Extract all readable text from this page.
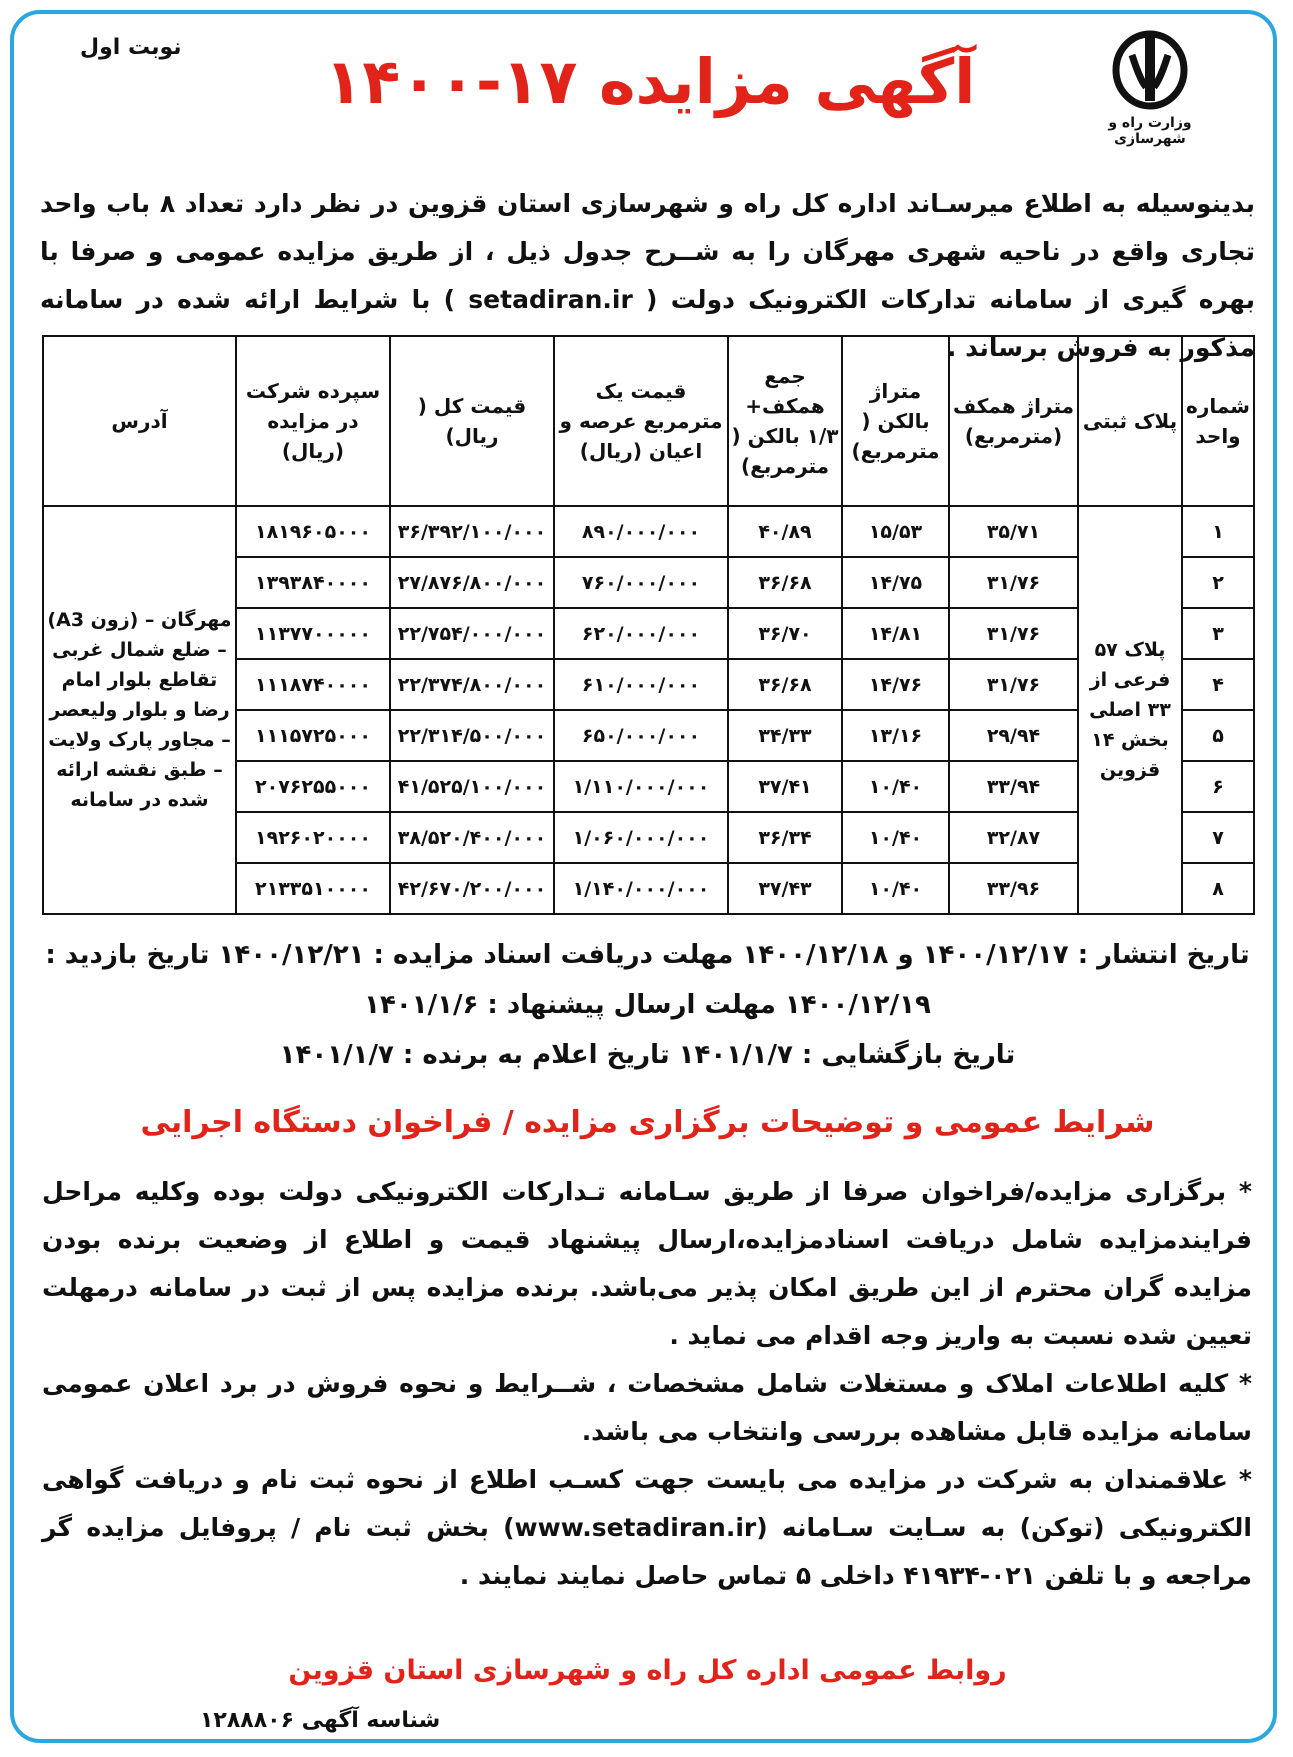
وزارت راه و شهرسازی
نوبت اول	آگهی مزایده ۱۷-۱۴۰۰
بدینوسیله به اطلاع میرسـاند اداره کل راه و شهرسازی استان قزوین در نظر دارد تعداد ۸ باب واحد تجاری واقع در ناحیه شهری مهرگان را به شــرح جدول ذیل ، از طریق مزایده عمومی و صرفا با بهره گیری از سامانه تدارکات الکترونیک دولت ( setadiran.ir ) با شرایط ارائه شده در سامانه مذکور به فروش برساند .
شماره واحد	پلاک ثبتی	متراژ همکف (مترمربع)	متراژ بالکن ( مترمربع)	جمع همکف+ ۱/۳ بالکن ( مترمربع)	قیمت یک مترمربع عرصه و اعیان (ریال)	قیمت کل ( ریال)	سپرده شرکت در مزایده (ریال)	آدرس
۱	پلاک ۵۷ فرعی از ۳۳ اصلی بخش ۱۴ قزوین	۳۵/۷۱	۱۵/۵۳	۴۰/۸۹	۸۹۰/۰۰۰/۰۰۰	۳۶/۳۹۲/۱۰۰/۰۰۰	۱۸۱۹۶۰۵۰۰۰	مهرگان – (زون A3) – ضلع شمال غربی تقاطع بلوار امام رضا و بلوار ولیعصر – مجاور پارک ولایت – طبق نقشه ارائه شده در سامانه
۲		۳۱/۷۶	۱۴/۷۵	۳۶/۶۸	۷۶۰/۰۰۰/۰۰۰	۲۷/۸۷۶/۸۰۰/۰۰۰	۱۳۹۳۸۴۰۰۰۰	
۳		۳۱/۷۶	۱۴/۸۱	۳۶/۷۰	۶۲۰/۰۰۰/۰۰۰	۲۲/۷۵۴/۰۰۰/۰۰۰	۱۱۳۷۷۰۰۰۰۰	
۴		۳۱/۷۶	۱۴/۷۶	۳۶/۶۸	۶۱۰/۰۰۰/۰۰۰	۲۲/۳۷۴/۸۰۰/۰۰۰	۱۱۱۸۷۴۰۰۰۰	
۵		۲۹/۹۴	۱۳/۱۶	۳۴/۳۳	۶۵۰/۰۰۰/۰۰۰	۲۲/۳۱۴/۵۰۰/۰۰۰	۱۱۱۵۷۲۵۰۰۰	
۶		۳۳/۹۴	۱۰/۴۰	۳۷/۴۱	۱/۱۱۰/۰۰۰/۰۰۰	۴۱/۵۲۵/۱۰۰/۰۰۰	۲۰۷۶۲۵۵۰۰۰	
۷		۳۲/۸۷	۱۰/۴۰	۳۶/۳۴	۱/۰۶۰/۰۰۰/۰۰۰	۳۸/۵۲۰/۴۰۰/۰۰۰	۱۹۲۶۰۲۰۰۰۰	
۸		۳۳/۹۶	۱۰/۴۰	۳۷/۴۳	۱/۱۴۰/۰۰۰/۰۰۰	۴۲/۶۷۰/۲۰۰/۰۰۰	۲۱۳۳۵۱۰۰۰۰	
تاریخ انتشار : ۱۴۰۰/۱۲/۱۷ و ۱۴۰۰/۱۲/۱۸ مهلت دریافت اسناد مزایده : ۱۴۰۰/۱۲/۲۱ تاریخ بازدید :
۱۴۰۰/۱۲/۱۹ مهلت ارسال پیشنهاد : ۱۴۰۱/۱/۶
تاریخ بازگشایی : ۱۴۰۱/۱/۷ تاریخ اعلام به برنده : ۱۴۰۱/۱/۷
شرایط عمومی و توضیحات برگزاری مزایده / فراخوان دستگاه اجرایی

* برگزاری مزایده/فراخوان صرفا از طریق سـامانه تـدارکات الکترونیکی دولت بوده وکلیه مراحل فرایندمزایده شامل دریافت اسنادمزایده،ارسال پیشنهاد قیمت و اطلاع از وضعیت برنده بودن مزایده گران محترم از این طریق امکان پذیر می‌باشد. برنده مزایده پس از ثبت در سامانه درمهلت تعیین شده نسبت به واریز وجه اقدام می نماید .

* کلیه اطلاعات املاک و مستغلات شامل مشخصات ، شــرایط و نحوه فروش در برد اعلان عمومی سامانه مزایده قابل مشاهده بررسی وانتخاب می باشد.

* علاقمندان به شرکت در مزایده می بایست جهت کسـب اطلاع از نحوه ثبت نام و دریافت گواهی الکترونیکی (توکن) به سـایت سـامانه (www.setadiran.ir) بخش ثبت نام / پروفایل مزایده گر مراجعه و با تلفن ۰۲۱-۴۱۹۳۴ داخلی ۵ تماس حاصل نمایند نمایند .

روابط عمومی اداره کل راه و شهرسازی استان قزوین
شناسه آگهی ۱۲۸۸۸۰۶
